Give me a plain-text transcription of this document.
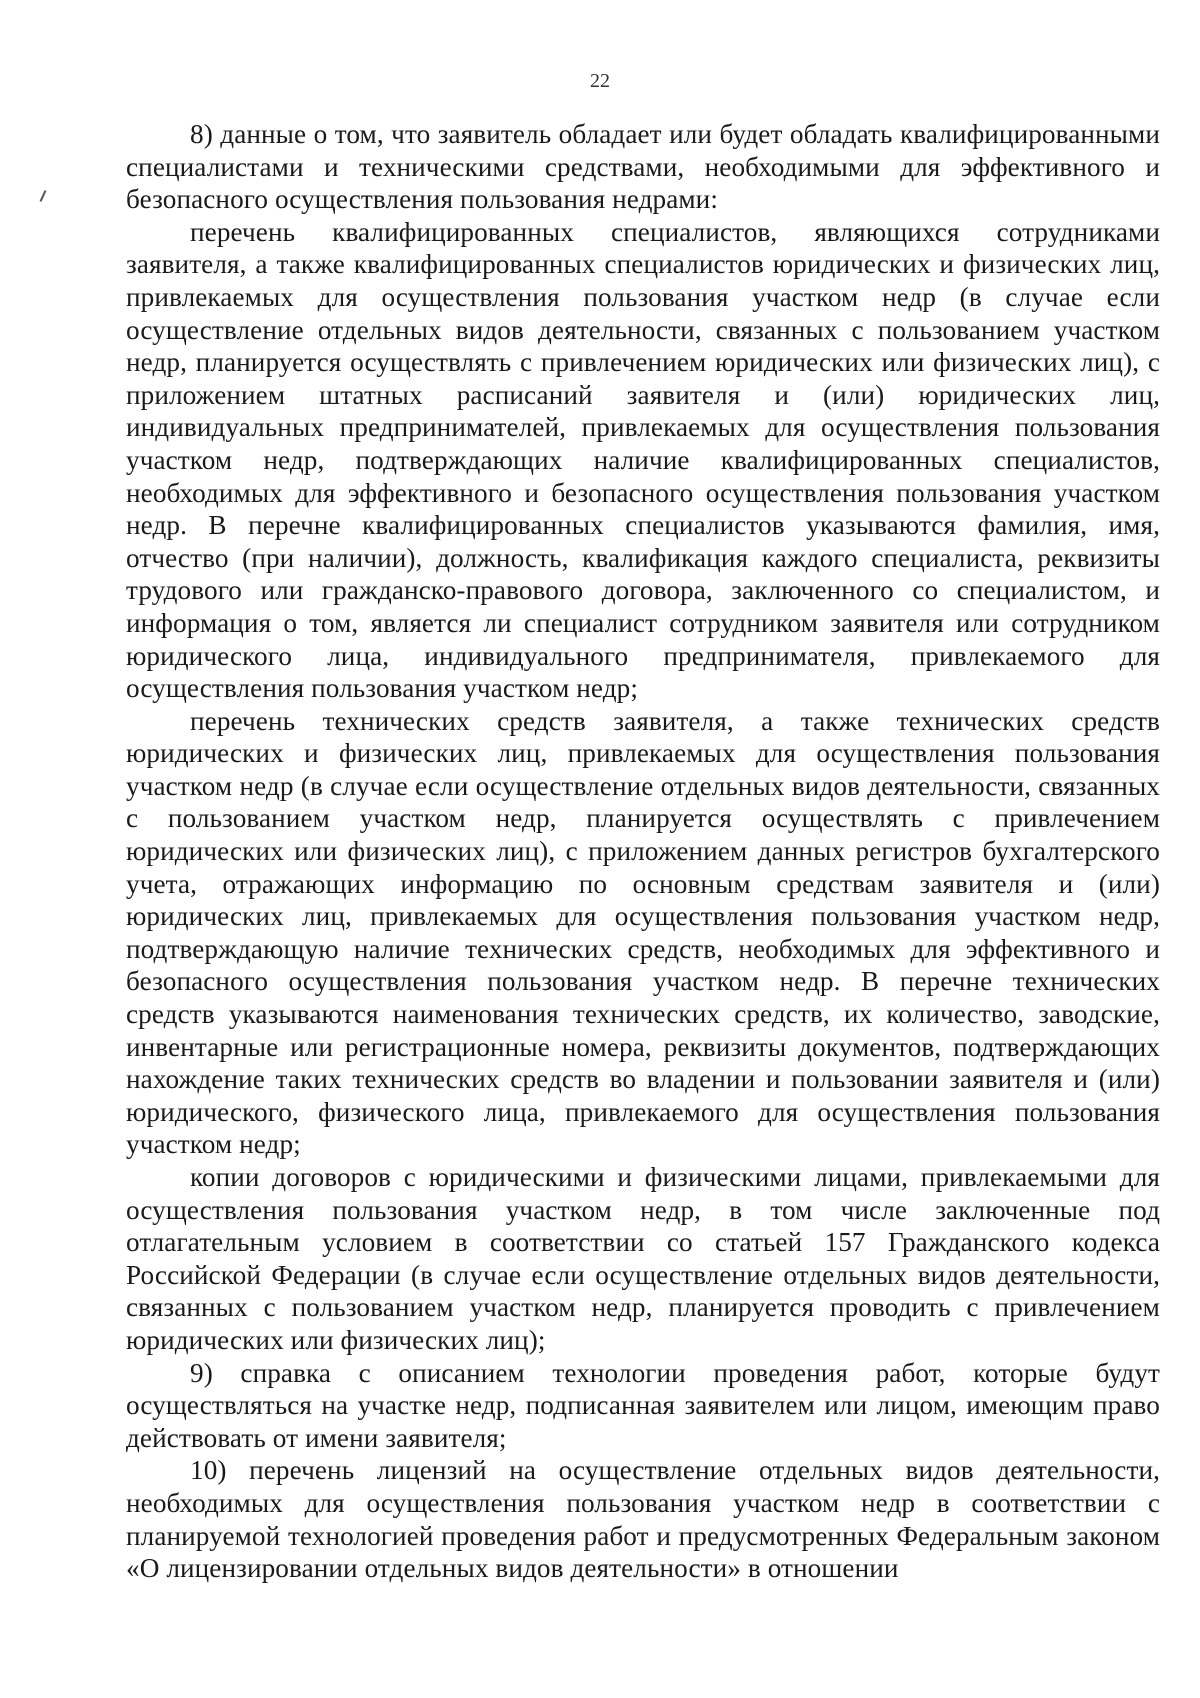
22

8) данные о том, что заявитель обладает или будет обладать квалифицированными специалистами и техническими средствами, необходимыми для эффективного и безопасного осуществления пользования недрами:

перечень квалифицированных специалистов, являющихся сотрудниками заявителя, а также квалифицированных специалистов юридических и физических лиц, привлекаемых для осуществления пользования участком недр (в случае если осуществление отдельных видов деятельности, связанных с пользованием участком недр, планируется осуществлять с привлечением юридических или физических лиц), с приложением штатных расписаний заявителя и (или) юридических лиц, индивидуальных предпринимателей, привлекаемых для осуществления пользования участком недр, подтверждающих наличие квалифицированных специалистов, необходимых для эффективного и безопасного осуществления пользования участком недр. В перечне квалифицированных специалистов указываются фамилия, имя, отчество (при наличии), должность, квалификация каждого специалиста, реквизиты трудового или гражданско-правового договора, заключенного со специалистом, и информация о том, является ли специалист сотрудником заявителя или сотрудником юридического лица, индивидуального предпринимателя, привлекаемого для осуществления пользования участком недр;

перечень технических средств заявителя, а также технических средств юридических и физических лиц, привлекаемых для осуществления пользования участком недр (в случае если осуществление отдельных видов деятельности, связанных с пользованием участком недр, планируется осуществлять с привлечением юридических или физических лиц), с приложением данных регистров бухгалтерского учета, отражающих информацию по основным средствам заявителя и (или) юридических лиц, привлекаемых для осуществления пользования участком недр, подтверждающую наличие технических средств, необходимых для эффективного и безопасного осуществления пользования участком недр. В перечне технических средств указываются наименования технических средств, их количество, заводские, инвентарные или регистрационные номера, реквизиты документов, подтверждающих нахождение таких технических средств во владении и пользовании заявителя и (или) юридического, физического лица, привлекаемого для осуществления пользования участком недр;

копии договоров с юридическими и физическими лицами, привлекаемыми для осуществления пользования участком недр, в том числе заключенные под отлагательным условием в соответствии со статьей 157 Гражданского кодекса Российской Федерации (в случае если осуществление отдельных видов деятельности, связанных с пользованием участком недр, планируется проводить с привлечением юридических или физических лиц);

9) справка с описанием технологии проведения работ, которые будут осуществляться на участке недр, подписанная заявителем или лицом, имеющим право действовать от имени заявителя;

10) перечень лицензий на осуществление отдельных видов деятельности, необходимых для осуществления пользования участком недр в соответствии с планируемой технологией проведения работ и предусмотренных Федеральным законом «О лицензировании отдельных видов деятельности» в отношении
